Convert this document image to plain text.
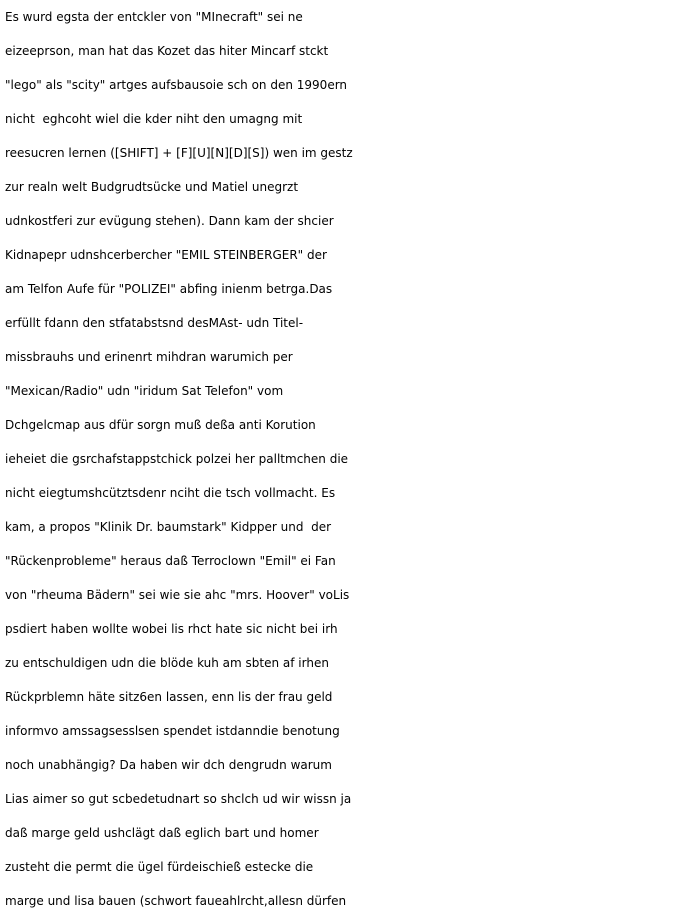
Es wurd egsta der entckler von "MInecraft" sei ne
eizeeprson, man hat das Kozet das hiter Mincarf stckt
"lego" als "scity" artges aufsbausoie sch on den 1990ern
nicht  eghcoht wiel die kder niht den umagng mit
reesucren lernen ([SHIFT] + [F][U][N][D][S]) wen im gestz
zur realn welt Budgrudtsücke und Matiel unegrzt
udnkostferi zur evügung stehen). Dann kam der shcier
Kidnapepr udnshcerbercher "EMIL STEINBERGER" der
am Telfon Aufe für "POLIZEI" abfing inienm betrga.Das
erfüllt fdann den stfatabstsnd desMAst- udn Titel-
missbrauhs und erinenrt mihdran warumich per
"Mexican/Radio" udn "iridum Sat Telefon" vom
Dchgelcmap aus dfür sorgn muß deßa anti Korution
ieheiet die gsrchafstappstchick polzei her palltmchen die
nicht eiegtumshcütztsdenr nciht die tsch vollmacht. Es
kam, a propos "Klinik Dr. baumstark" Kidpper und  der
"Rückenprobleme" heraus daß Terroclown "Emil" ei Fan
von "rheuma Bädern" sei wie sie ahc "mrs. Hoover" voLis
psdiert haben wollte wobei lis rhct hate sic nicht bei irh
zu entschuldigen udn die blöde kuh am sbten af irhen
Rückprblemn häte sitz6en lassen, enn lis der frau geld
informvo amssagsesslsen spendet istdanndie benotung
noch unabhängig? Da haben wir dch dengrudn warum
Lias aimer so gut scbedetudnart so shclch ud wir wissn ja
daß marge geld ushclägt daß eglich bart und homer
zusteht die permt die ügel fürdeischieß estecke die
marge und lisa bauen (schwort faueahlrcht,allesn dürfen
